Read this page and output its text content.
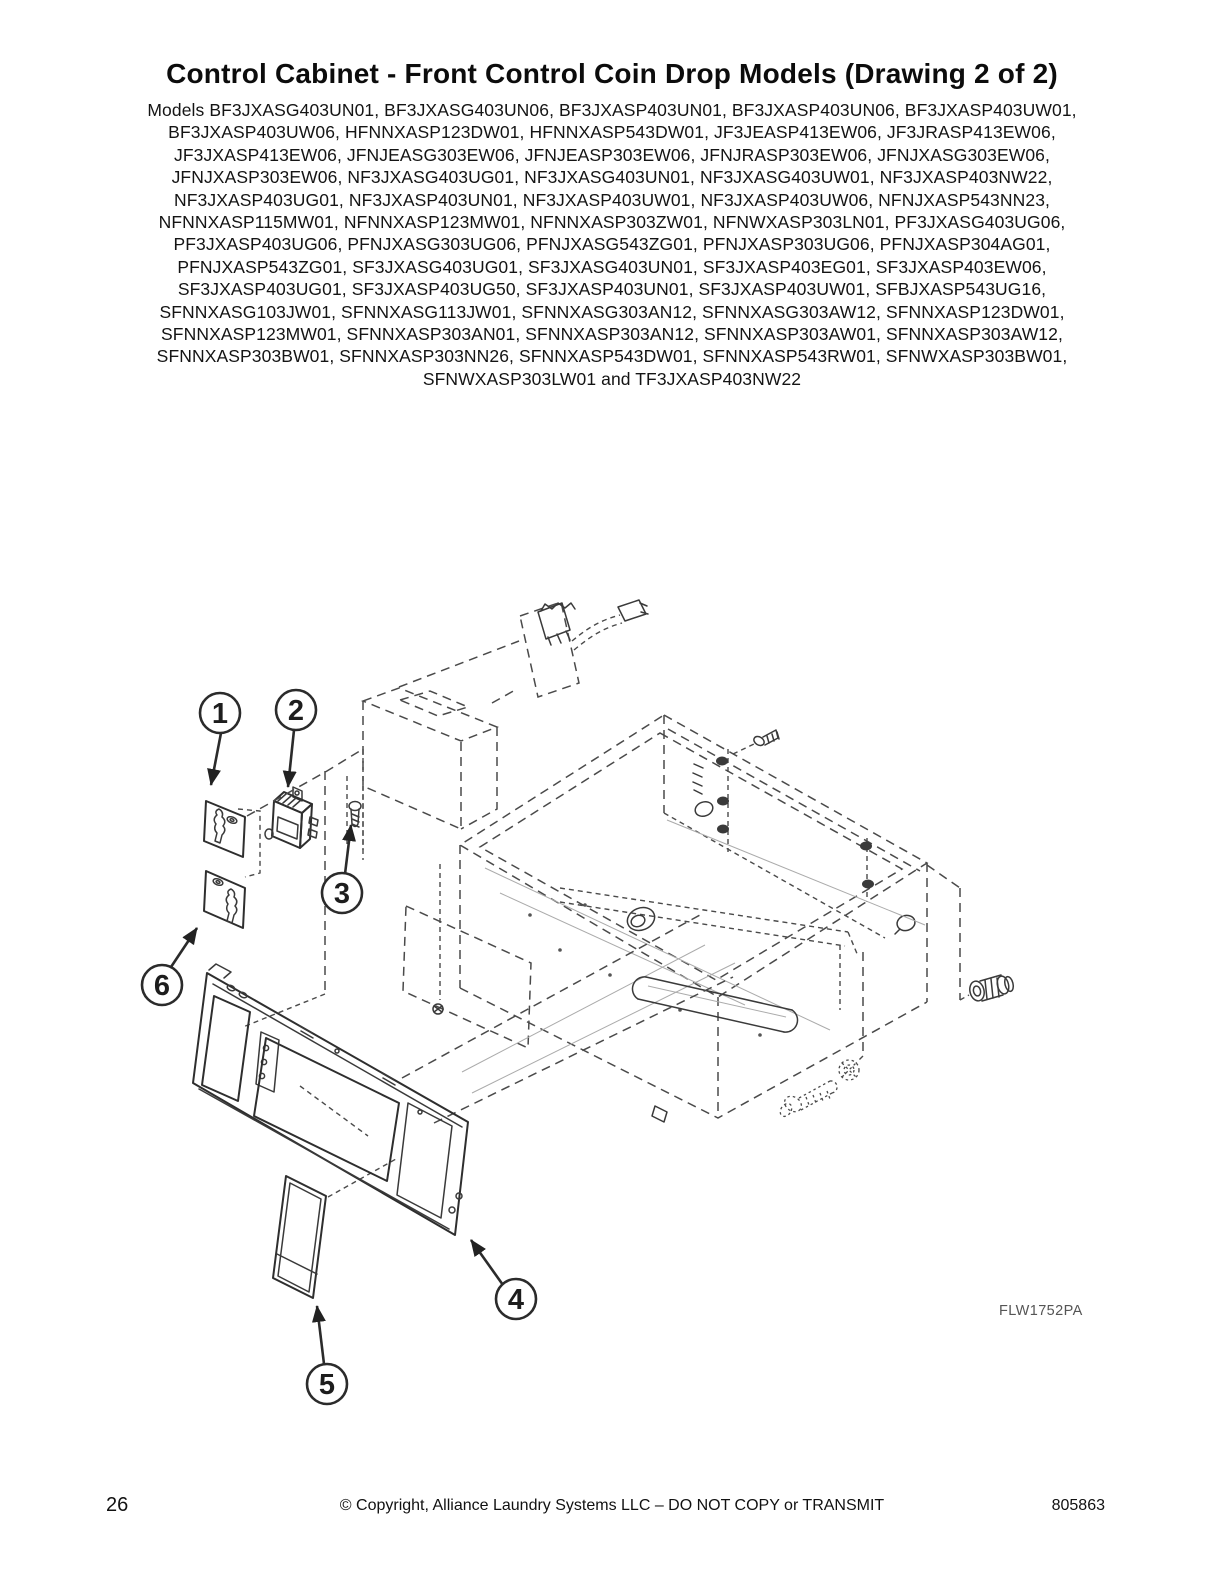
Control Cabinet - Front Control Coin Drop Models (Drawing 2 of 2)
Models BF3JXASG403UN01, BF3JXASG403UN06, BF3JXASP403UN01, BF3JXASP403UN06, BF3JXASP403UW01,
BF3JXASP403UW06, HFNNXASP123DW01, HFNNXASP543DW01, JF3JEASP413EW06, JF3JRASP413EW06,
JF3JXASP413EW06, JFNJEASG303EW06, JFNJEASP303EW06, JFNJRASP303EW06, JFNJXASG303EW06,
JFNJXASP303EW06, NF3JXASG403UG01, NF3JXASG403UN01, NF3JXASG403UW01, NF3JXASP403NW22,
NF3JXASP403UG01, NF3JXASP403UN01, NF3JXASP403UW01, NF3JXASP403UW06, NFNJXASP543NN23,
NFNNXASP115MW01, NFNNXASP123MW01, NFNNXASP303ZW01, NFNWXASP303LN01, PF3JXASG403UG06,
PF3JXASP403UG06, PFNJXASG303UG06, PFNJXASG543ZG01, PFNJXASP303UG06, PFNJXASP304AG01,
PFNJXASP543ZG01, SF3JXASG403UG01, SF3JXASG403UN01, SF3JXASP403EG01, SF3JXASP403EW06,
SF3JXASP403UG01, SF3JXASP403UG50, SF3JXASP403UN01, SF3JXASP403UW01, SFBJXASP543UG16,
SFNNXASG103JW01, SFNNXASG113JW01, SFNNXASG303AN12, SFNNXASG303AW12, SFNNXASP123DW01,
SFNNXASP123MW01, SFNNXASP303AN01, SFNNXASP303AN12, SFNNXASP303AW01, SFNNXASP303AW12,
SFNNXASP303BW01, SFNNXASP303NN26, SFNNXASP543DW01, SFNNXASP543RW01, SFNWXASP303BW01,
SFNWXASP303LW01 and TF3JXASP403NW22
1 2
3
4
5
6
FLW1752PA
26	© Copyright, Alliance Laundry Systems LLC – DO NOT COPY or TRANSMIT	805863
